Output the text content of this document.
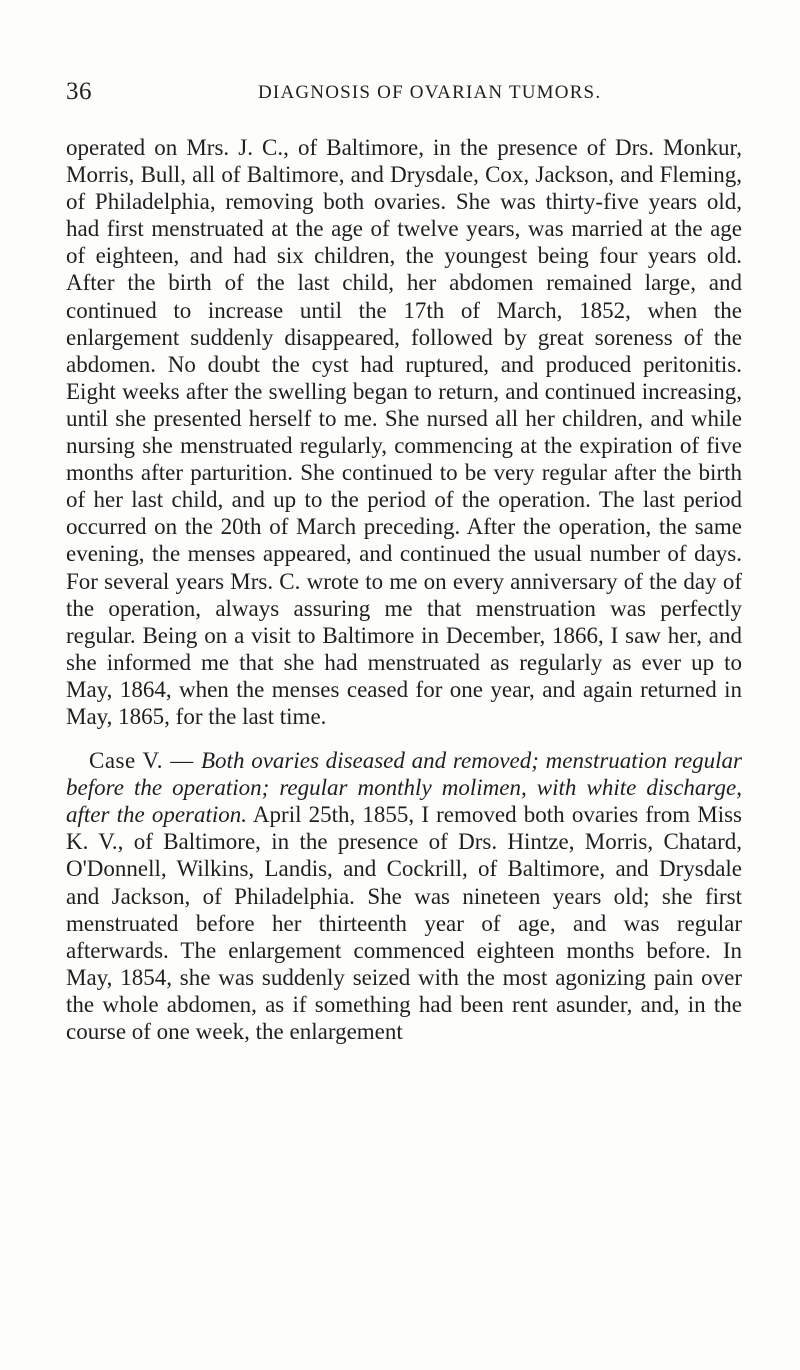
36	DIAGNOSIS OF OVARIAN TUMORS.

operated on Mrs. J. C., of Baltimore, in the presence of Drs. Monkur, Morris, Bull, all of Baltimore, and Drysdale, Cox, Jackson, and Fleming, of Philadelphia, removing both ovaries. She was thirty-five years old, had first menstruated at the age of twelve years, was married at the age of eighteen, and had six children, the youngest being four years old. After the birth of the last child, her abdomen remained large, and continued to increase until the 17th of March, 1852, when the enlargement suddenly disappeared, followed by great soreness of the abdomen. No doubt the cyst had ruptured, and produced peritonitis. Eight weeks after the swelling began to return, and continued increasing, until she presented herself to me. She nursed all her children, and while nursing she menstruated regularly, commencing at the expiration of five months after parturition. She continued to be very regular after the birth of her last child, and up to the period of the operation. The last period occurred on the 20th of March preceding. After the operation, the same evening, the menses appeared, and continued the usual number of days. For several years Mrs. C. wrote to me on every anniversary of the day of the operation, always assuring me that menstruation was perfectly regular. Being on a visit to Baltimore in December, 1866, I saw her, and she informed me that she had menstruated as regularly as ever up to May, 1864, when the menses ceased for one year, and again returned in May, 1865, for the last time.

Case V. — Both ovaries diseased and removed; menstruation regular before the operation; regular monthly molimen, with white discharge, after the operation. April 25th, 1855, I removed both ovaries from Miss K. V., of Baltimore, in the presence of Drs. Hintze, Morris, Chatard, O'Donnell, Wilkins, Landis, and Cockrill, of Baltimore, and Drysdale and Jackson, of Philadelphia. She was nineteen years old; she first menstruated before her thirteenth year of age, and was regular afterwards. The enlargement commenced eighteen months before. In May, 1854, she was suddenly seized with the most agonizing pain over the whole abdomen, as if something had been rent asunder, and, in the course of one week, the enlargement
